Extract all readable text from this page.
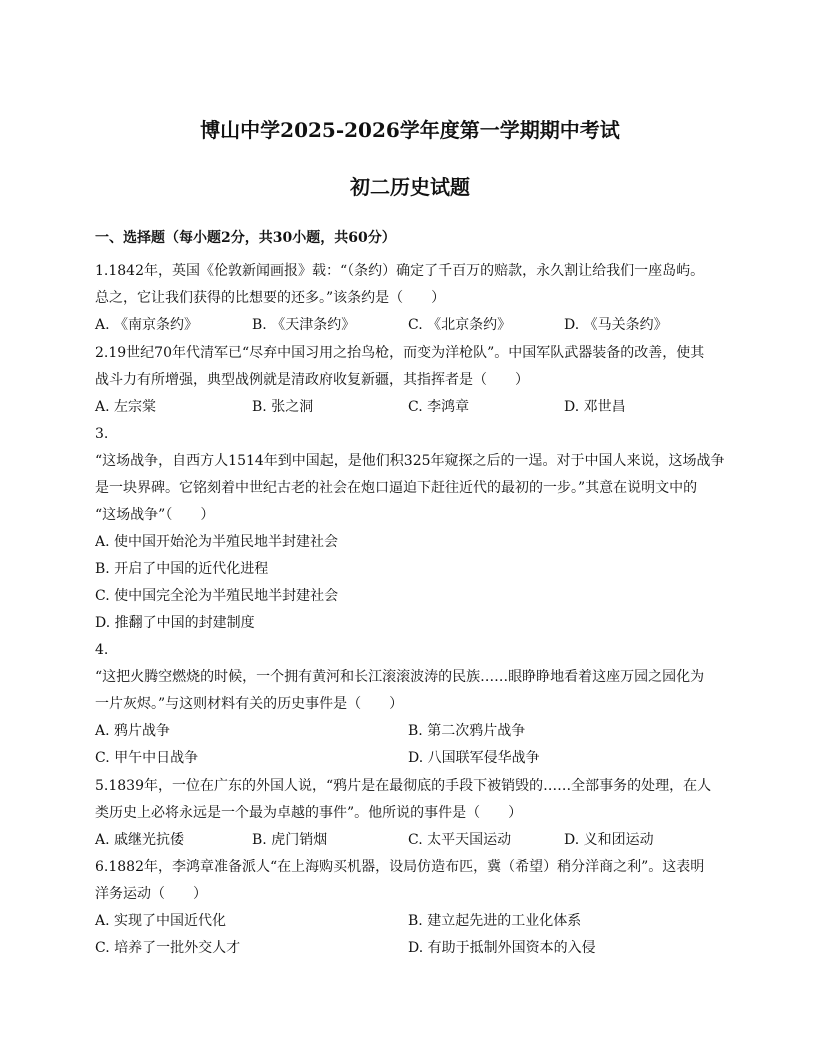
博山中学2025-2026学年度第一学期期中考试
初二历史试题
一、选择题（每小题2分，共30小题，共60分）
1.1842年，英国《伦敦新闻画报》载：“（条约）确定了千百万的赔款，永久割让给我们一座岛屿。
总之，它让我们获得的比想要的还多。”该条约是（　　）
A. 《南京条约》	B. 《天津条约》	C. 《北京条约》	D. 《马关条约》
2.19世纪70年代清军已“尽弃中国习用之抬鸟枪，而变为洋枪队”。中国军队武器装备的改善，使其
战斗力有所增强，典型战例就是清政府收复新疆，其指挥者是（　　）
A. 左宗棠	B. 张之洞	C. 李鸿章	D. 邓世昌
3.
“这场战争，自西方人1514年到中国起，是他们积325年窥探之后的一逞。对于中国人来说，这场战争
是一块界碑。它铭刻着中世纪古老的社会在炮口逼迫下赶往近代的最初的一步。”其意在说明文中的
“这场战争”（　　）
A. 使中国开始沦为半殖民地半封建社会
B. 开启了中国的近代化进程
C. 使中国完全沦为半殖民地半封建社会
D. 推翻了中国的封建制度
4.
“这把火腾空燃烧的时候，一个拥有黄河和长江滚滚波涛的民族……眼睁睁地看着这座万园之园化为
一片灰烬。”与这则材料有关的历史事件是（　　）
A. 鸦片战争	B. 第二次鸦片战争
C. 甲午中日战争	D. 八国联军侵华战争
5.1839年，一位在广东的外国人说，“鸦片是在最彻底的手段下被销毁的……全部事务的处理，在人
类历史上必将永远是一个最为卓越的事件”。他所说的事件是（　　）
A. 戚继光抗倭	B. 虎门销烟	C. 太平天国运动	D. 义和团运动
6.1882年，李鸿章准备派人“在上海购买机器，设局仿造布匹，冀（希望）稍分洋商之利”。这表明
洋务运动（　　）
A. 实现了中国近代化	B. 建立起先进的工业化体系
C. 培养了一批外交人才	D. 有助于抵制外国资本的入侵
